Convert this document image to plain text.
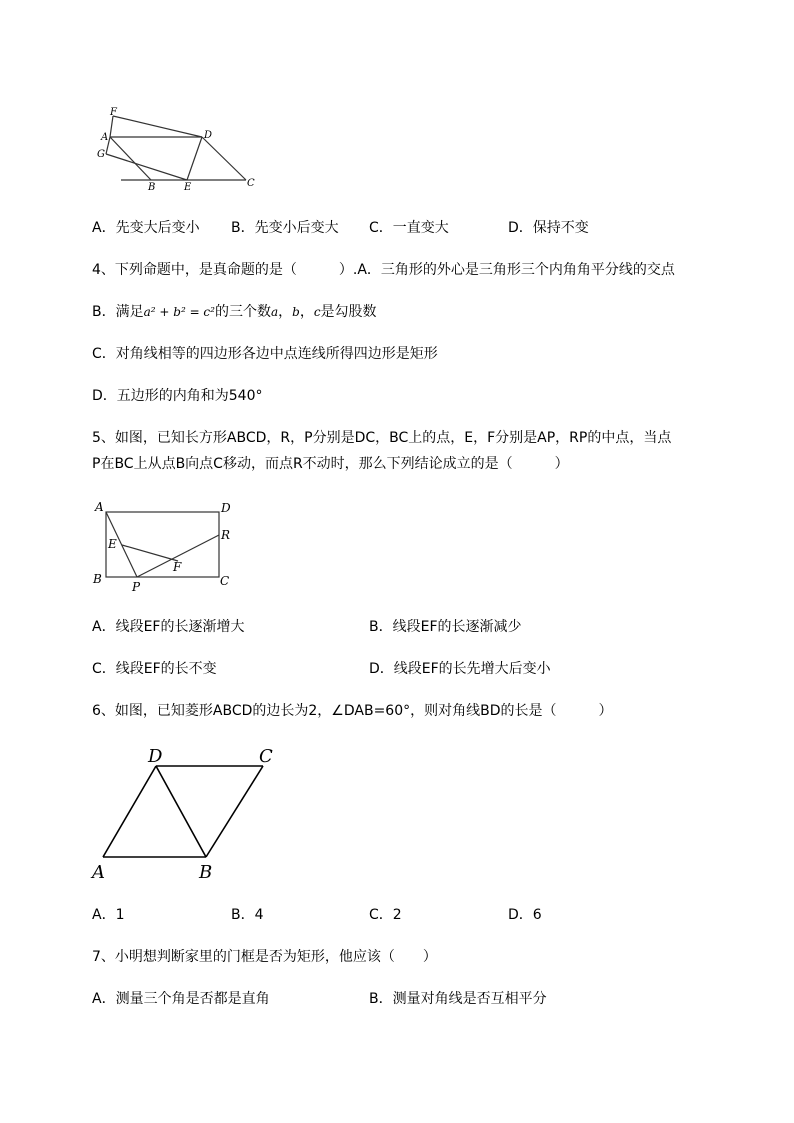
F
A
G
D
B	E	C
A．先变大后变小 B．先变小后变大 C．一直变大	D．保持不变
4、下列命题中，是真命题的是（　　　）.A．三角形的外心是三角形三个内角角平分线的交点
B．满足a² + b² = c²的三个数a，b，c是勾股数
C．对角线相等的四边形各边中点连线所得四边形是矩形
D．五边形的内角和为540°
5、如图，已知长方形ABCD，R，P分别是DC，BC上的点，E，F分别是AP，RP的中点，当点
P在BC上从点B向点C移动，而点R不动时，那么下列结论成立的是（　　　）
A	D
E
R
F
B
P	C
A．线段EF的长逐渐增大	B．线段EF的长逐渐减少
C．线段EF的长不变	D．线段EF的长先增大后变小
6、如图，已知菱形ABCD的边长为2，∠DAB=60°，则对角线BD的长是（　　　）
D	C
A	B
A．1	B．4	C．2	D．6
7、小明想判断家里的门框是否为矩形，他应该（　　）
A．测量三个角是否都是直角	B．测量对角线是否互相平分
